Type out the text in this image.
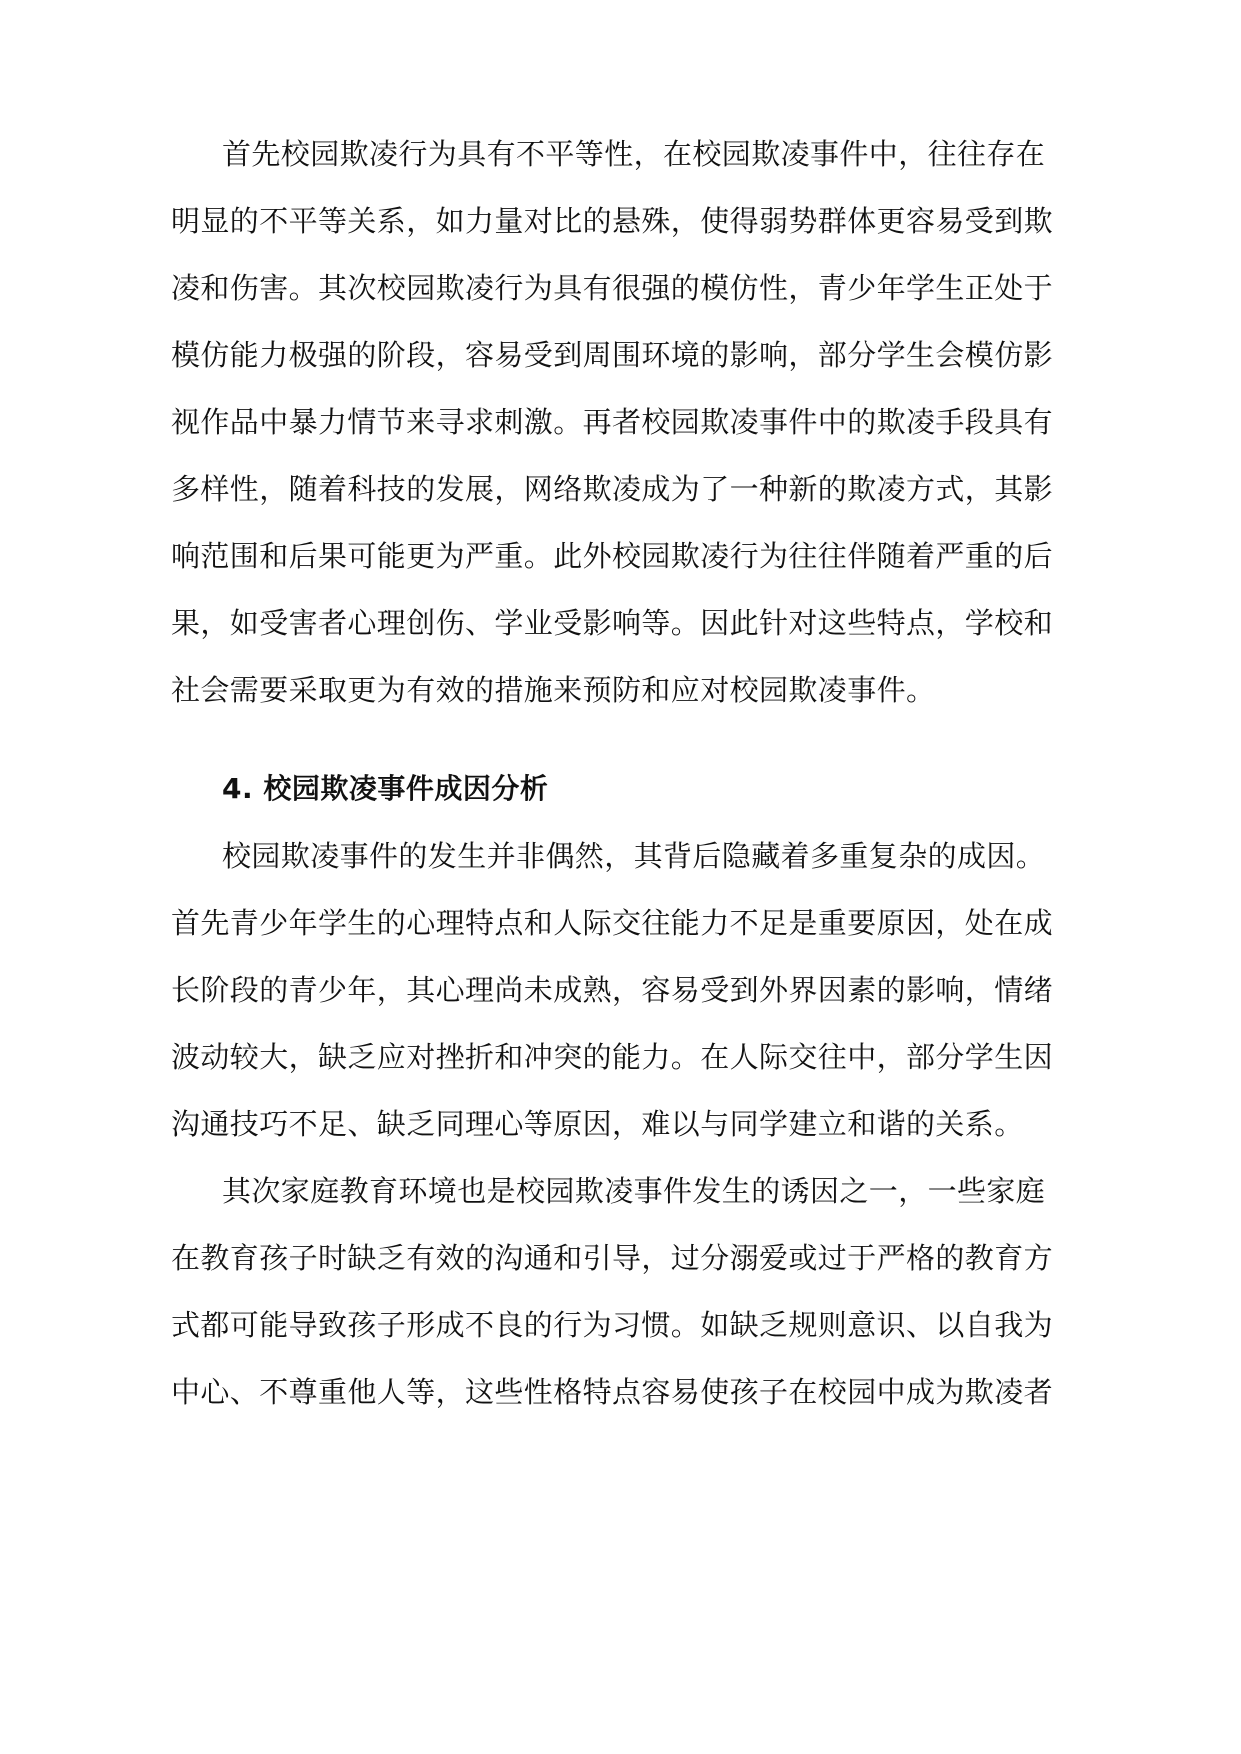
首先校园欺凌行为具有不平等性，在校园欺凌事件中，往往存在
明显的不平等关系，如力量对比的悬殊，使得弱势群体更容易受到欺
凌和伤害。其次校园欺凌行为具有很强的模仿性，青少年学生正处于
模仿能力极强的阶段，容易受到周围环境的影响，部分学生会模仿影
视作品中暴力情节来寻求刺激。再者校园欺凌事件中的欺凌手段具有
多样性，随着科技的发展，网络欺凌成为了一种新的欺凌方式，其影
响范围和后果可能更为严重。此外校园欺凌行为往往伴随着严重的后
果，如受害者心理创伤、学业受影响等。因此针对这些特点，学校和
社会需要采取更为有效的措施来预防和应对校园欺凌事件。
4. 校园欺凌事件成因分析
校园欺凌事件的发生并非偶然，其背后隐藏着多重复杂的成因。
首先青少年学生的心理特点和人际交往能力不足是重要原因，处在成
长阶段的青少年，其心理尚未成熟，容易受到外界因素的影响，情绪
波动较大，缺乏应对挫折和冲突的能力。在人际交往中，部分学生因
沟通技巧不足、缺乏同理心等原因，难以与同学建立和谐的关系。
其次家庭教育环境也是校园欺凌事件发生的诱因之一，一些家庭
在教育孩子时缺乏有效的沟通和引导，过分溺爱或过于严格的教育方
式都可能导致孩子形成不良的行为习惯。如缺乏规则意识、以自我为
中心、不尊重他人等，这些性格特点容易使孩子在校园中成为欺凌者
